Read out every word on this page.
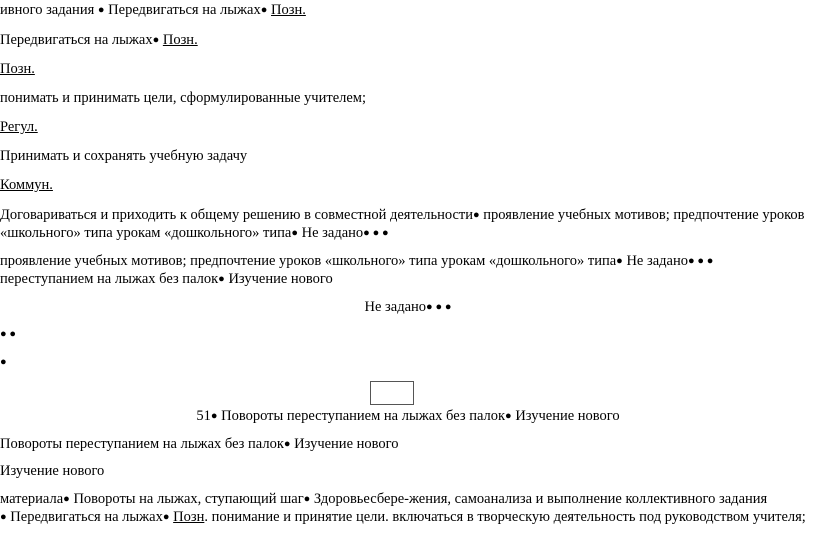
ивного задания ● Передвигаться на лыжах● Позн.
Передвигаться на лыжах● Позн.
Позн.
понимать и принимать цели, сформулированные учителем;
Регул.
Принимать и сохранять учебную задачу
Коммун.
Договариваться и приходить к общему решению в совместной деятельности● проявление учебных мотивов; предпочтение уроков
«школьного» типа урокам «дошкольного» типа● Не задано● ● ●
проявление учебных мотивов; предпочтение уроков «школьного» типа урокам «дошкольного» типа● Не задано● ● ●
переступанием на лыжах без палок● Изучение нового
Не задано● ● ●
● ●
●
51● Повороты переступанием на лыжах без палок● Изучение нового
Повороты переступанием на лыжах без палок● Изучение нового
Изучение нового
материала● Повороты на лыжах, ступающий шаг● Здоровьесбере-жения, самоанализа и выполнение коллективного задания
● Передвигаться на лыжах● Позн. понимание и принятие цели. включаться в творческую деятельность под руководством учителя;
